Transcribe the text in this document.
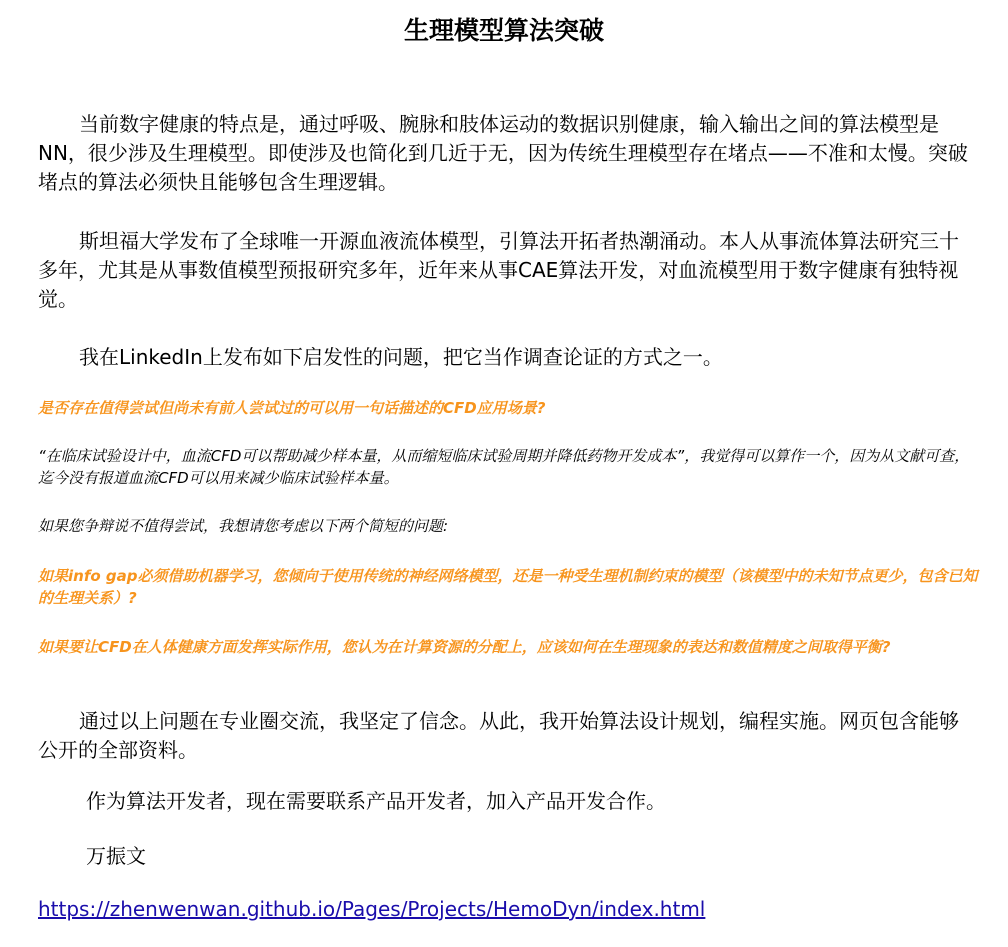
生理模型算法突破

当前数字健康的特点是，通过呼吸、腕脉和肢体运动的数据识别健康，输入输出之间的算法模型是NN，很少涉及生理模型。即使涉及也简化到几近于无，因为传统生理模型存在堵点——不准和太慢。突破堵点的算法必须快且能够包含生理逻辑。

斯坦福大学发布了全球唯一开源血液流体模型，引算法开拓者热潮涌动。本人从事流体算法研究三十多年，尤其是从事数值模型预报研究多年，近年来从事CAE算法开发，对血流模型用于数字健康有独特视觉。

我在LinkedIn上发布如下启发性的问题，把它当作调查论证的方式之一。

是否存在值得尝试但尚未有前人尝试过的可以用一句话描述的CFD应用场景?

“在临床试验设计中，血流CFD可以帮助减少样本量，从而缩短临床试验周期并降低药物开发成本”，我觉得可以算作一个，因为从文献可查，迄今没有报道血流CFD可以用来减少临床试验样本量。

如果您争辩说不值得尝试，我想请您考虑以下两个简短的问题:

如果info gap必须借助机器学习，您倾向于使用传统的神经网络模型，还是一种受生理机制约束的模型（该模型中的未知节点更少，包含已知的生理关系）?

如果要让CFD在人体健康方面发挥实际作用，您认为在计算资源的分配上，应该如何在生理现象的表达和数值精度之间取得平衡?

通过以上问题在专业圈交流，我坚定了信念。从此，我开始算法设计规划，编程实施。网页包含能够公开的全部资料。

作为算法开发者，现在需要联系产品开发者，加入产品开发合作。

万振文

https://zhenwenwan.github.io/Pages/Projects/HemoDyn/index.html
